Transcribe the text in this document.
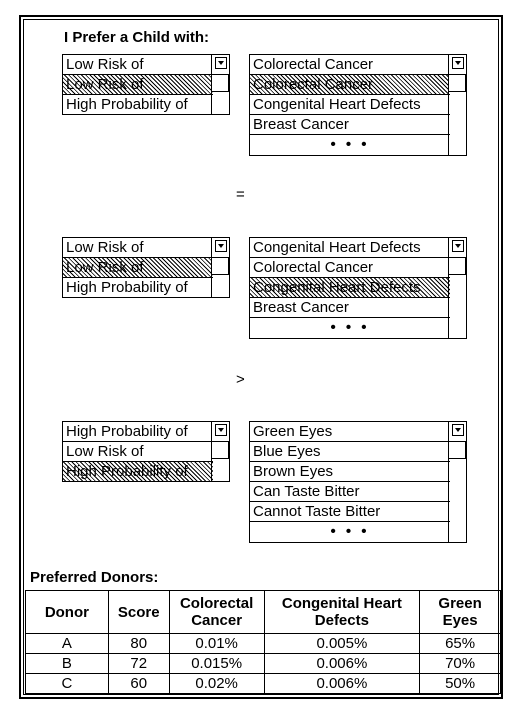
I Prefer a Child with:
Low Risk of
Low Risk of
High Probability of
Colorectal Cancer
Colorectal Cancer
Congenital Heart Defects
Breast Cancer
• • •
=
Low Risk of
Low Risk of
High Probability of
Congenital Heart Defects
Colorectal Cancer
Congenital Heart Defects
Breast Cancer
• • •
>
High Probability of
Low Risk of
High Probability of
Green Eyes
Blue Eyes
Brown Eyes
Can Taste Bitter
Cannot Taste Bitter
• • •
Preferred Donors:
Donor	Score	Colorectal Cancer	Congenital Heart Defects	Green Eyes
A	80	0.01%	0.005%	65%
B	72	0.015%	0.006%	70%
C	60	0.02%	0.006%	50%
